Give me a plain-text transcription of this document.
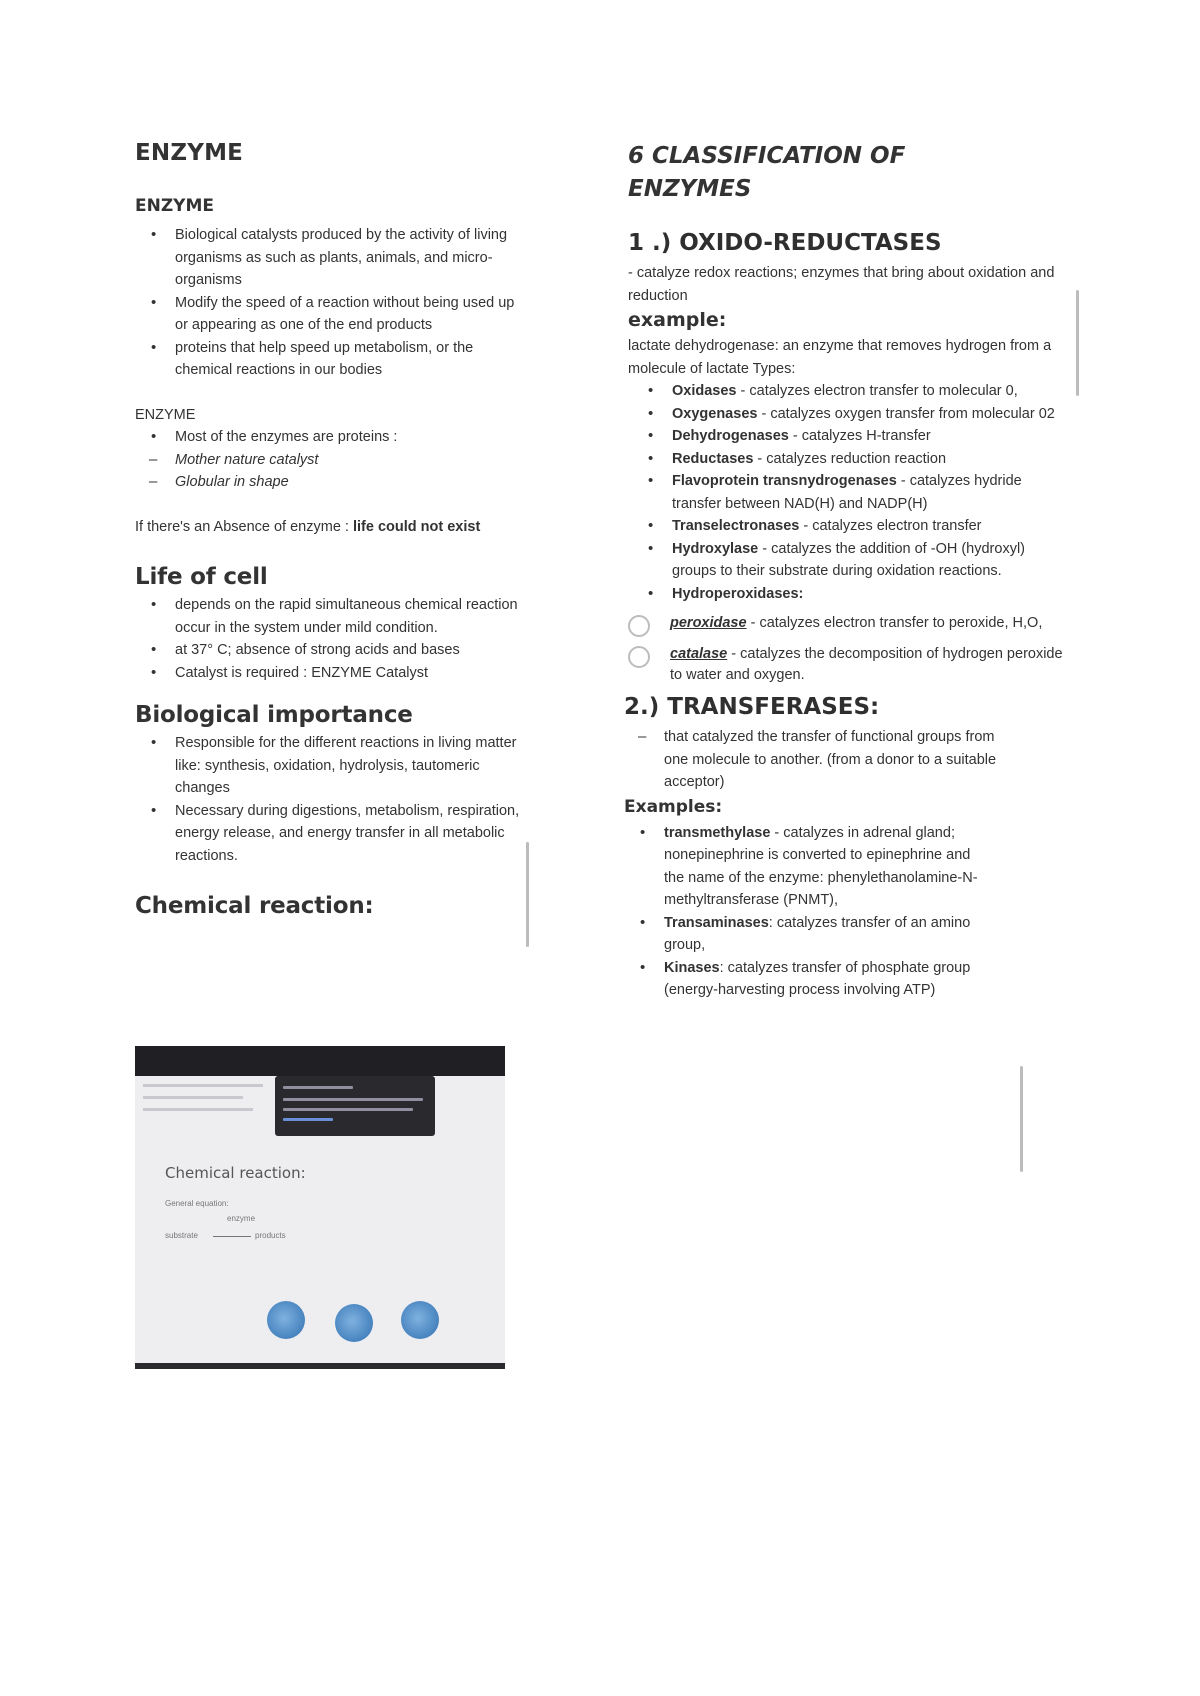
ENZYME
ENZYME
• Biological catalysts produced by the activity of living organisms as such as plants, animals, and micro-organisms
• Modify the speed of a reaction without being used up or appearing as one of the end products
• proteins that help speed up metabolism, or the chemical reactions in our bodies
ENZYME
• Most of the enzymes are proteins :
– Mother nature catalyst
– Globular in shape
If there's an Absence of enzyme : life could not exist
Life of cell
• depends on the rapid simultaneous chemical reaction occur in the system under mild condition.
• at 37° C; absence of strong acids and bases
• Catalyst is required : ENZYME Catalyst
Biological importance
• Responsible for the different reactions in living matter like: synthesis, oxidation, hydrolysis, tautomeric changes
• Necessary during digestions, metabolism, respiration, energy release, and energy transfer in all metabolic reactions.
Chemical reaction:
Chemical reaction:
General equation:
enzyme
substrate	products
6 CLASSIFICATION OF
ENZYMES
1 .) OXIDO-REDUCTASES
- catalyze redox reactions; enzymes that bring about oxidation and reduction
example:
lactate dehydrogenase: an enzyme that removes hydrogen from a molecule of lactate Types:
• Oxidases - catalyzes electron transfer to molecular 0,
• Oxygenases - catalyzes oxygen transfer from molecular 02
• Dehydrogenases - catalyzes H-transfer
• Reductases - catalyzes reduction reaction
• Flavoprotein transnydrogenases - catalyzes hydride transfer between NAD(H) and NADP(H)
• Transelectronases - catalyzes electron transfer
• Hydroxylase - catalyzes the addition of -OH (hydroxyl) groups to their substrate during oxidation reactions.
• Hydroperoxidases:
peroxidase - catalyzes electron transfer to peroxide, H,O,
catalase - catalyzes the decomposition of hydrogen peroxide to water and oxygen.
2.) TRANSFERASES:
– that catalyzed the transfer of functional groups from one molecule to another. (from a donor to a suitable acceptor)
Examples:
• transmethylase - catalyzes in adrenal gland; nonepinephrine is converted to epinephrine and the name of the enzyme: phenylethanolamine-N-methyltransferase (PNMT),
• Transaminases: catalyzes transfer of an amino group,
• Kinases: catalyzes transfer of phosphate group (energy-harvesting process involving ATP)
